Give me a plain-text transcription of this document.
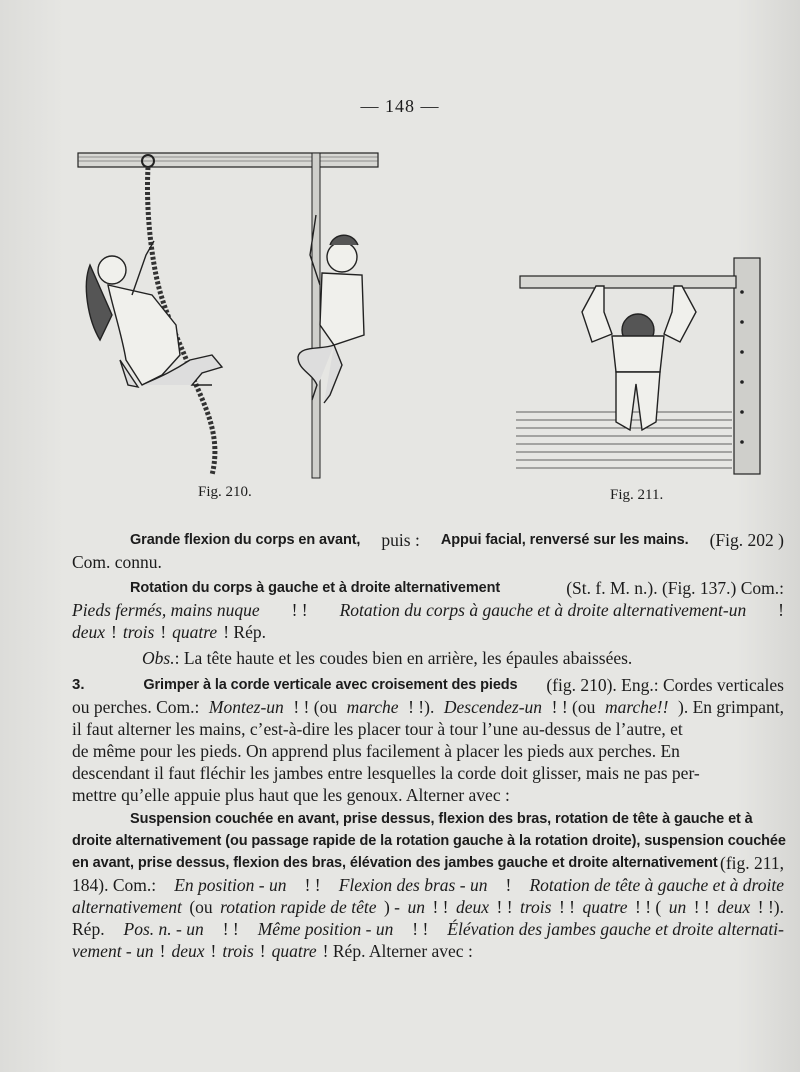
— 148 —
Fig. 210.	Fig. 211.
Grande flexion du corps en avant, puis : Appui facial, renversé sur les mains. (Fig. 202 )
Com. connu.
Rotation du corps à gauche et à droite alternativement	(St. f. M. n.). (Fig. 137.) Com.:
Pieds fermés, mains nuque ! ! Rotation du corps à gauche et à droite alternativement-un !
deux ! trois ! quatre ! Rép.
Obs. : La tête haute et les coudes bien en arrière, les épaules abaissées.
3.	Grimper à la corde verticale avec croisement des pieds (fig. 210). Eng.: Cordes verticales
ou perches. Com.: Montez-un ! ! (ou marche ! !). Descendez-un ! ! (ou marche!! ). En grimpant,
il faut alterner les mains, c’est-à-dire les placer tour à tour l’une au-dessus de l’autre, et
de même pour les pieds. On apprend plus facilement à placer les pieds aux perches. En
descendant il faut fléchir les jambes entre lesquelles la corde doit glisser, mais ne pas per-
mettre qu’elle appuie plus haut que les genoux. Alterner avec :
Suspension couchée en avant, prise dessus, flexion des bras, rotation de tête à gauche et à
droite alternativement (ou passage rapide de la rotation gauche à la rotation droite), suspension couchée
en avant, prise dessus, flexion des bras, élévation des jambes gauche et droite alternativement (fig. 211,
184). Com.: En position - un ! ! Flexion des bras - un ! Rotation de tête à gauche et à droite
alternativement (ou rotation rapide de tête ) - un ! ! deux ! ! trois ! ! quatre ! ! ( un ! ! deux ! !).
Rép. Pos. n. - un ! ! Même position - un ! ! Élévation des jambes gauche et droite alternati-
vement - un ! deux ! trois ! quatre ! Rép. Alterner avec :
